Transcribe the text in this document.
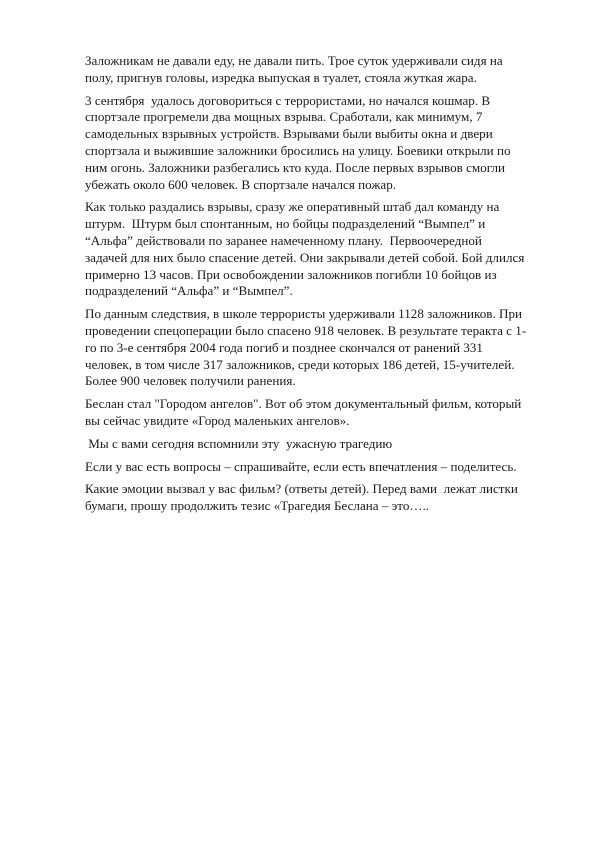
Заложникам не давали еду, не давали пить. Трое суток удерживали сидя на
полу, пригнув головы, изредка выпуская в туалет, стояла жуткая жара.

3 сентября  удалось договориться с террористами, но начался кошмар. В
спортзале прогремели два мощных взрыва. Сработали, как минимум, 7
самодельных взрывных устройств. Взрывами были выбиты окна и двери
спортзала и выжившие заложники бросились на улицу. Боевики открыли по
ним огонь. Заложники разбегались кто куда. После первых взрывов смогли
убежать около 600 человек. В спортзале начался пожар.

Как только раздались взрывы, сразу же оперативный штаб дал команду на
штурм.  Штурм был спонтанным, но бойцы подразделений “Вымпел” и
“Альфа” действовали по заранее намеченному плану.  Первоочередной
задачей для них было спасение детей. Они закрывали детей собой. Бой длился
примерно 13 часов. При освобождении заложников погибли 10 бойцов из
подразделений “Альфа” и “Вымпел”.

По данным следствия, в школе террористы удерживали 1128 заложников. При
проведении спецоперации было спасено 918 человек. В результате теракта с 1-
го по 3-е сентября 2004 года погиб и позднее скончался от ранений 331
человек, в том числе 317 заложников, среди которых 186 детей, 15-учителей.
Более 900 человек получили ранения.

Беслан стал "Городом ангелов". Вот об этом документальный фильм, который
вы сейчас увидите «Город маленьких ангелов».

Мы с вами сегодня вспомнили эту  ужасную трагедию

Если у вас есть вопросы – спрашивайте, если есть впечатления – поделитесь.

Какие эмоции вызвал у вас фильм? (ответы детей). Перед вами  лежат листки
бумаги, прошу продолжить тезис «Трагедия Беслана – это…..
